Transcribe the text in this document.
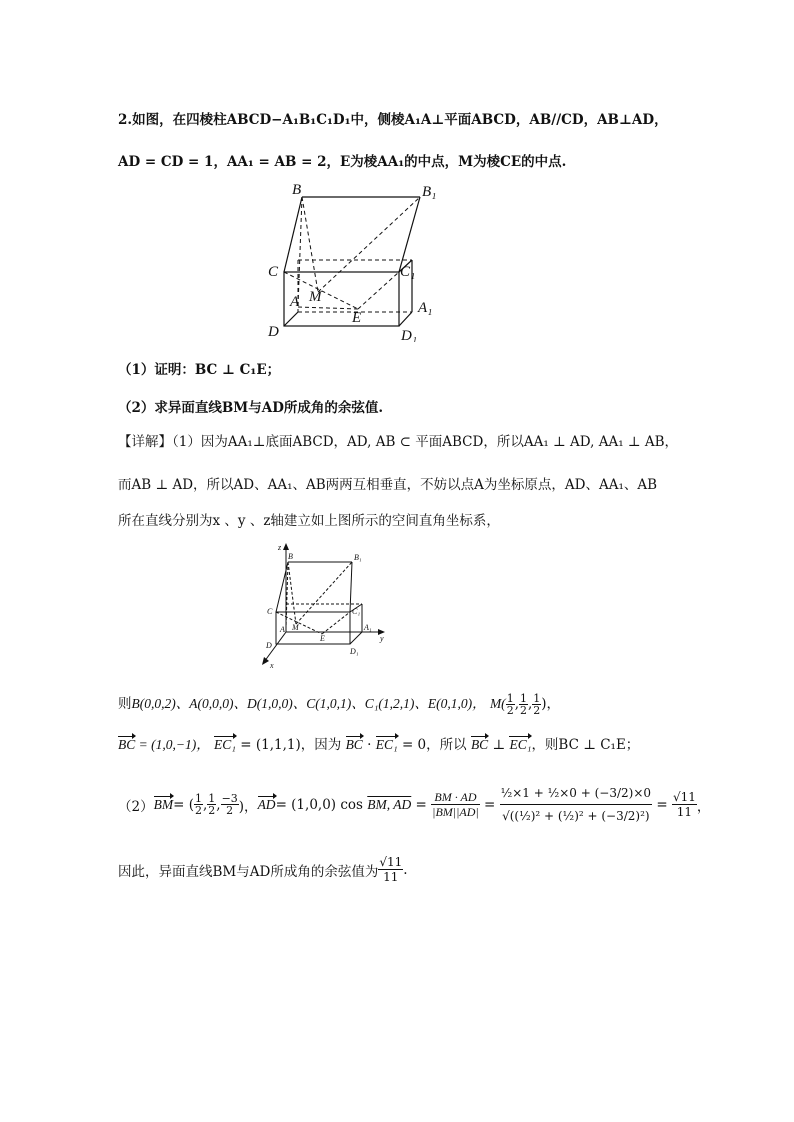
2.如图，在四棱柱ABCD−A₁B₁C₁D₁中，侧棱A₁A⊥平面ABCD，AB//CD，AB⊥AD，
AD = CD = 1，AA₁ = AB = 2，E为棱AA₁的中点，M为棱CE的中点.
B	B₁
C	C₁
A M
E
A₁
D	D₁
（1）证明：BC ⊥ C₁E；
（2）求异面直线BM与AD所成角的余弦值.
【详解】（1）因为AA₁⊥底面ABCD，AD, AB ⊂ 平面ABCD，所以AA₁ ⊥ AD, AA₁ ⊥ AB，
而AB ⊥ AD，所以AD、AA₁、AB两两互相垂直，不妨以点A为坐标原点，AD、AA₁、AB
所在直线分别为x 、y 、z轴建立如上图所示的空间直角坐标系，
z
B	B₁
C	C₁
A M
E
A₁
y
D
D₁
x
则B(0,0,2)、A(0,0,0)、D(1,0,0)、C(1,0,1)、C₁(1,2,1)、E(0,1,0)， $M( \frac{1}{2}$ , $\frac{1}{2}$ , $\frac{1}{2}$ )，
BC = (1,0,−1)， EC₁ = (1,1,1)，因为 BC · EC₁ = 0，所以 BC ⊥ EC₁，则BC ⊥ C₁E；
（2） BM = ( $\frac{1}{2}$ , $\frac{1}{2}$ , $\frac{-3}{2}$ )， AD = (1,0,0) cos
BM, AD = $\frac{BM \cdot AD}{|BM||AD|} = \frac{\text{½×1 + ½×0 + (−3/2)×0}}{\text{√((½)² + (½)² + (−3/2)²)}} = \frac{√11}{11}$ ，
因此，异面直线BM与AD所成角的余弦值为 $\frac{√11}{11}$ .
